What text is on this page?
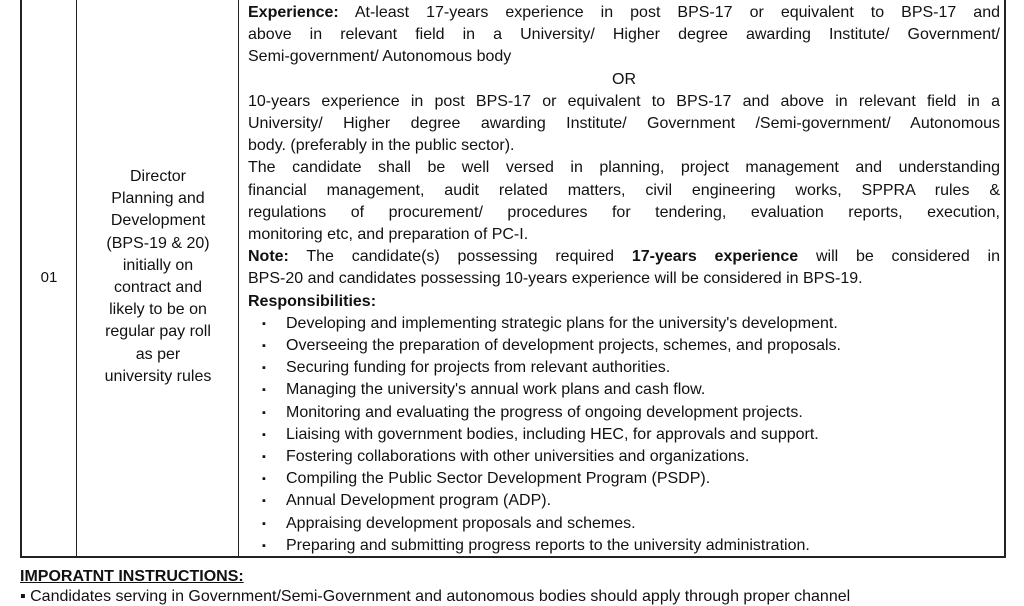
01
Director
Planning and
Development
(BPS-19 & 20)
initially on
contract and
likely to be on
regular pay roll
as per
university rules
Experience: At-least 17-years experience in post BPS-17 or equivalent to BPS-17 and
above in relevant field in a University/ Higher degree awarding Institute/ Government/
Semi-government/ Autonomous body
OR
10-years experience in post BPS-17 or equivalent to BPS-17 and above in relevant field in a
University/ Higher degree awarding Institute/ Government /Semi-government/ Autonomous
body. (preferably in the public sector).
The candidate shall be well versed in planning, project management and understanding
financial management, audit related matters, civil engineering works, SPPRA rules &
regulations of procurement/ procedures for tendering, evaluation reports, execution,
monitoring etc, and preparation of PC-I.
Note: The candidate(s) possessing required 17-years experience will be considered in
BPS-20 and candidates possessing 10-years experience will be considered in BPS-19.
Responsibilities:
▪ Developing and implementing strategic plans for the university's development.
▪ Overseeing the preparation of development projects, schemes, and proposals.
▪ Securing funding for projects from relevant authorities.
▪ Managing the university's annual work plans and cash flow.
▪ Monitoring and evaluating the progress of ongoing development projects.
▪ Liaising with government bodies, including HEC, for approvals and support.
▪ Fostering collaborations with other universities and organizations.
▪ Compiling the Public Sector Development Program (PSDP).
▪ Annual Development program (ADP).
▪ Appraising development proposals and schemes.
▪ Preparing and submitting progress reports to the university administration.
IMPORATNT INSTRUCTIONS:
▪ Candidates serving in Government/Semi-Government and autonomous bodies should apply through proper channel
